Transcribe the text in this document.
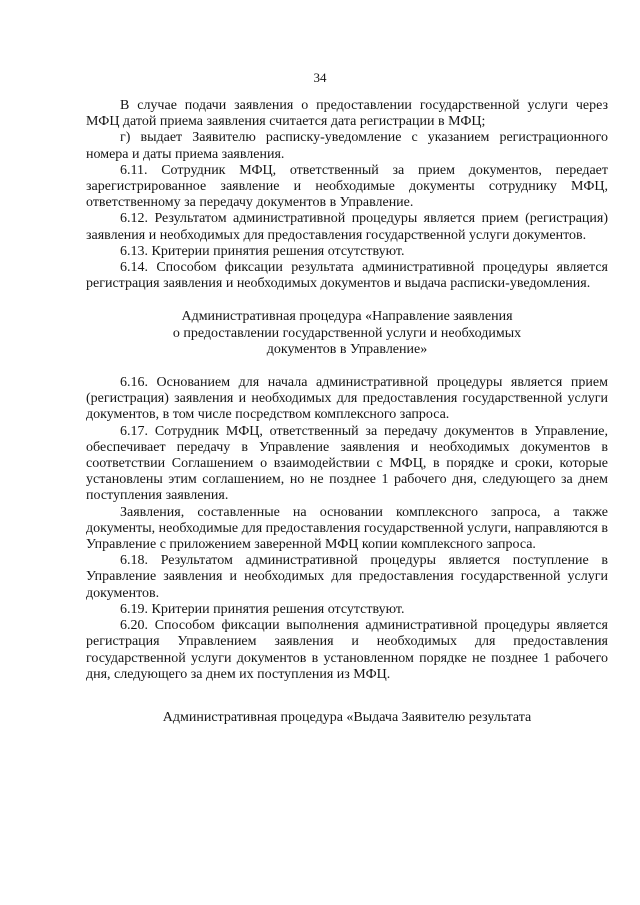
34

В случае подачи заявления о предоставлении государственной услуги через МФЦ датой приема заявления считается дата регистрации в МФЦ;

г) выдает Заявителю расписку-уведомление с указанием регистрационного номера и даты приема заявления.

6.11. Сотрудник МФЦ, ответственный за прием документов, передает зарегистрированное заявление и необходимые документы сотруднику МФЦ, ответственному за передачу документов в Управление.

6.12. Результатом административной процедуры является прием (регистрация) заявления и необходимых для предоставления государственной услуги документов.

6.13. Критерии принятия решения отсутствуют.

6.14. Способом фиксации результата административной процедуры является регистрация заявления и необходимых документов и выдача расписки-уведомления.

Административная процедура «Направление заявления
о предоставлении государственной услуги и необходимых
документов в Управление»

6.16. Основанием для начала административной процедуры является прием (регистрация) заявления и необходимых для предоставления государственной услуги документов, в том числе посредством комплексного запроса.

6.17. Сотрудник МФЦ, ответственный за передачу документов в Управление, обеспечивает передачу в Управление заявления и необходимых документов в соответствии Соглашением о взаимодействии с МФЦ, в порядке и сроки, которые установлены этим соглашением, но не позднее 1 рабочего дня, следующего за днем поступления заявления.

Заявления, составленные на основании комплексного запроса, а также документы, необходимые для предоставления государственной услуги, направляются в Управление с приложением заверенной МФЦ копии комплексного запроса.

6.18. Результатом административной процедуры является поступление в Управление заявления и необходимых для предоставления государственной услуги документов.

6.19. Критерии принятия решения отсутствуют.

6.20. Способом фиксации выполнения административной процедуры является регистрация Управлением заявления и необходимых для предоставления государственной услуги документов в установленном порядке не позднее 1 рабочего дня, следующего за днем их поступления из МФЦ.

Административная процедура «Выдача Заявителю результата
